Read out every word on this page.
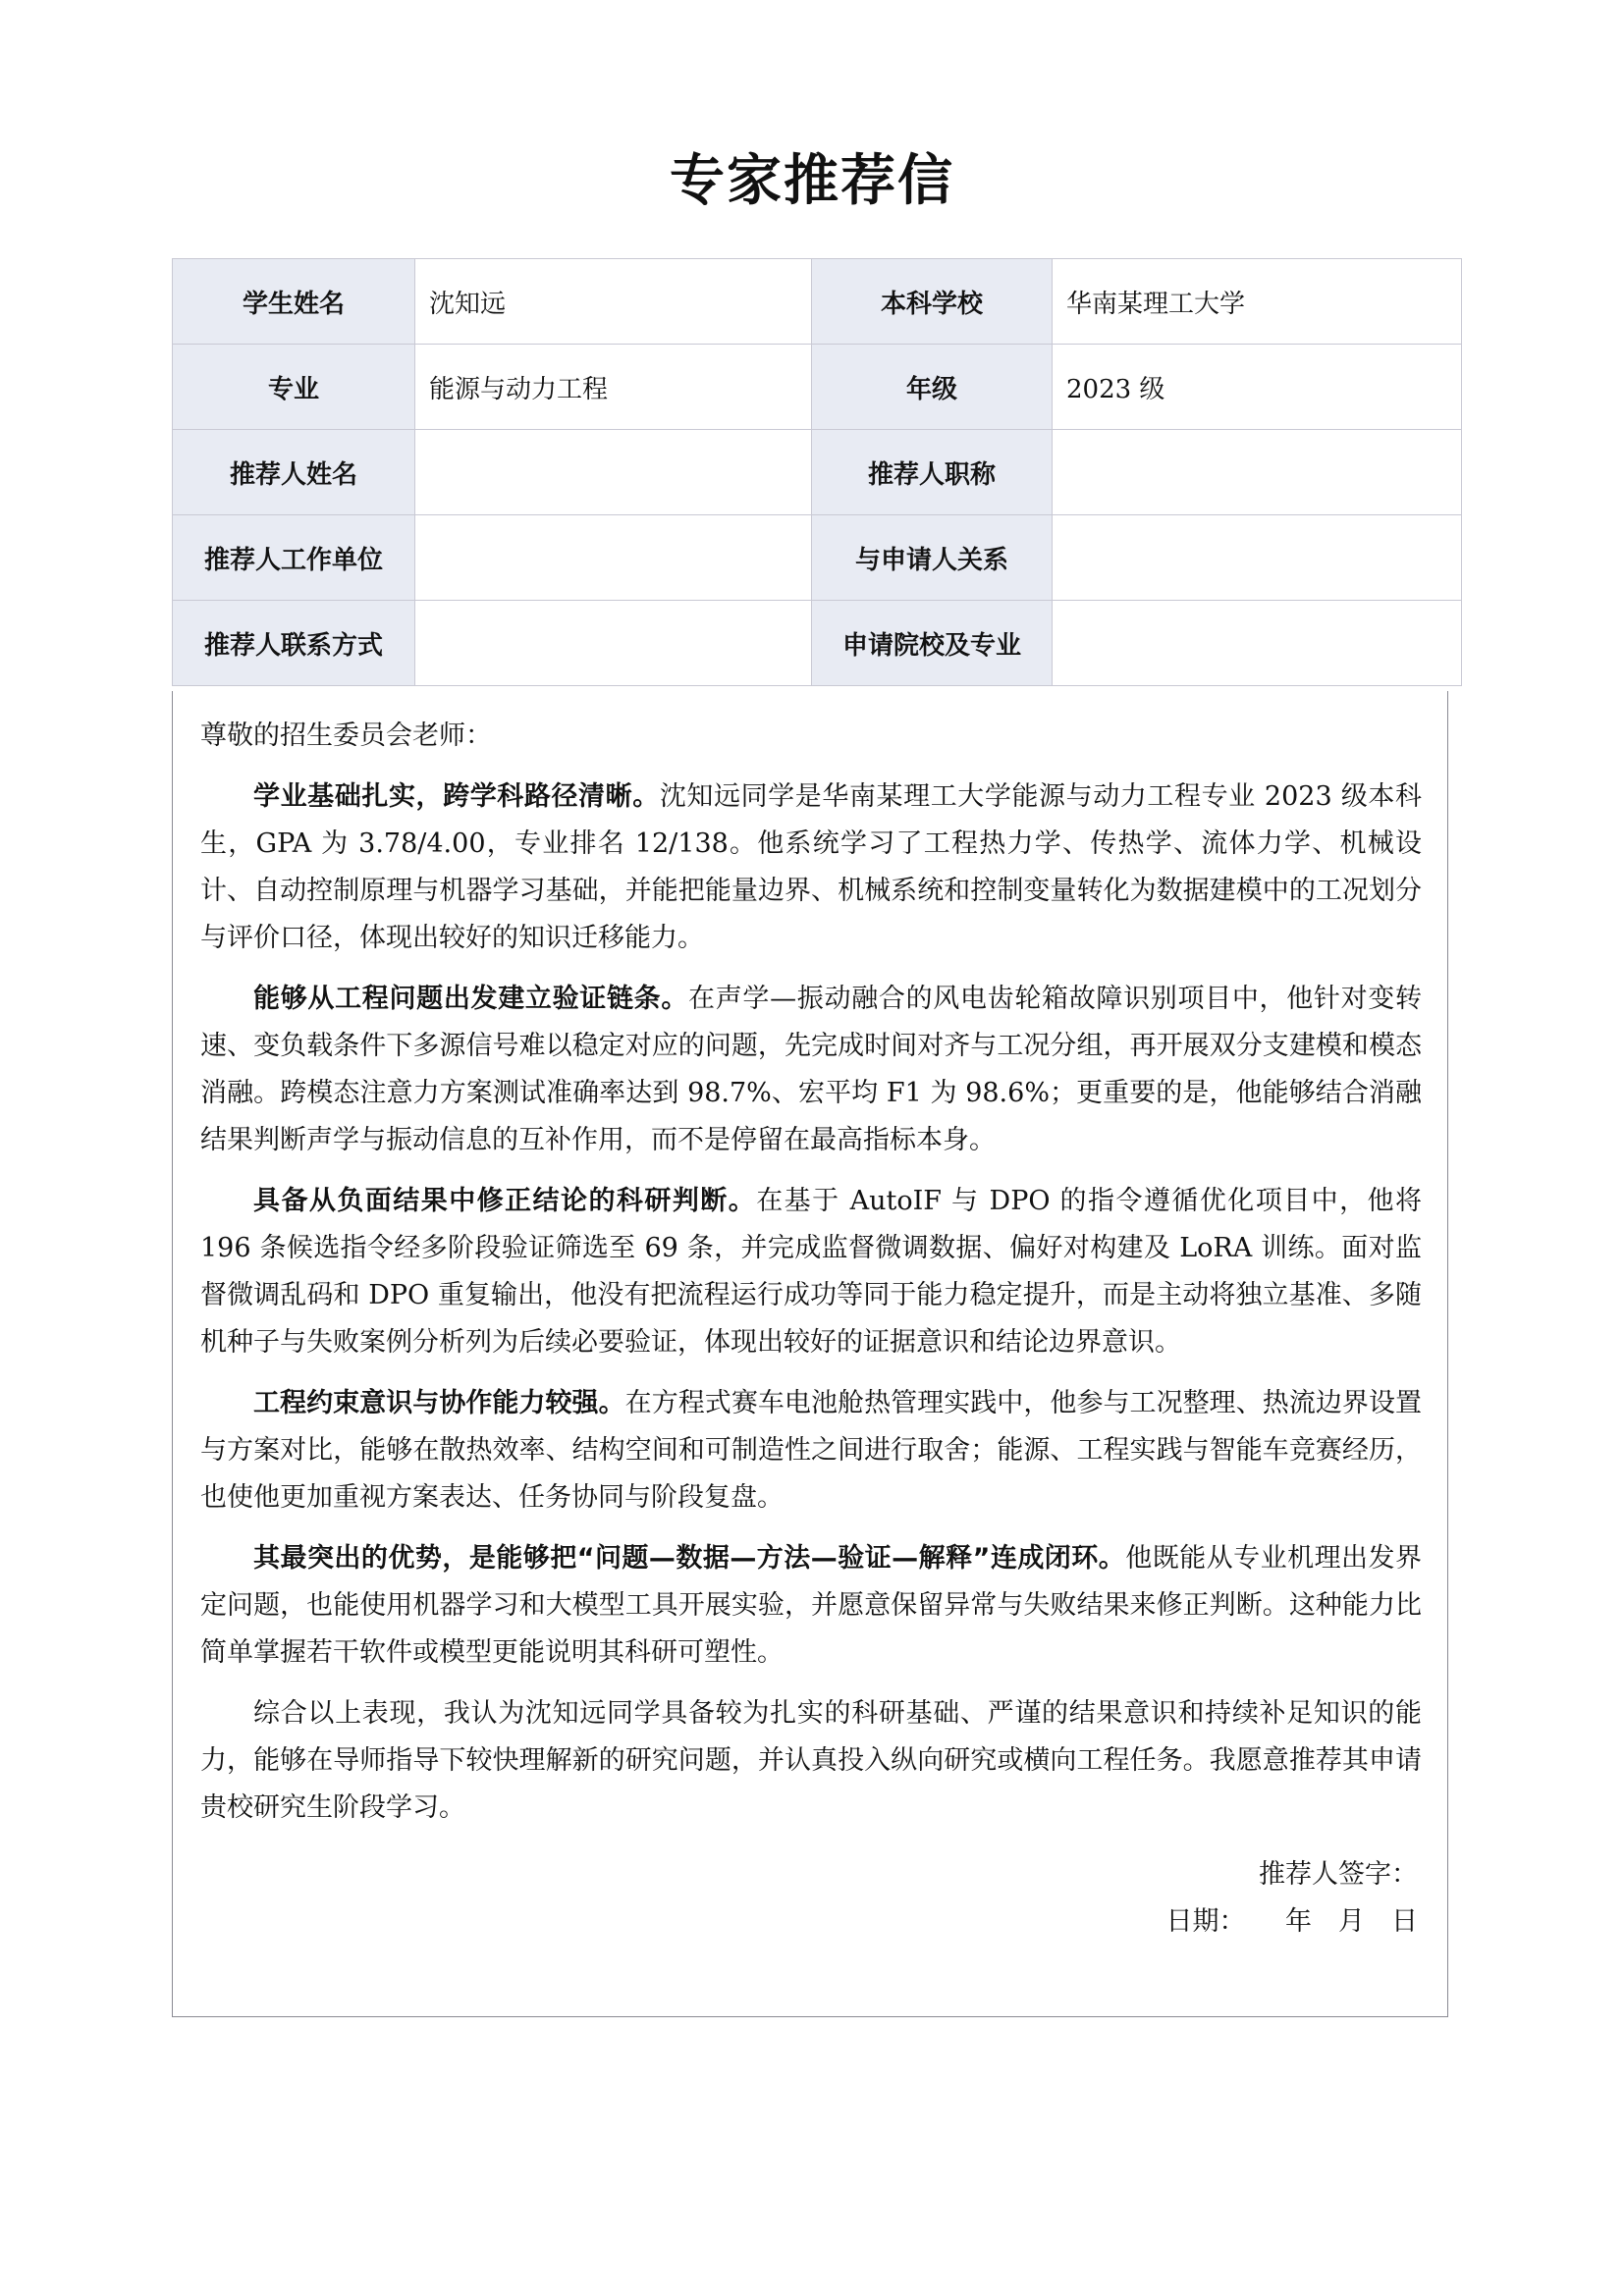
专家推荐信
学生姓名	沈知远	本科学校	华南某理工大学
专业	能源与动力工程	年级	2023 级
推荐人姓名		推荐人职称	
推荐人工作单位		与申请人关系	
推荐人联系方式		申请院校及专业	

尊敬的招生委员会老师：

学业基础扎实，跨学科路径清晰。沈知远同学是华南某理工大学能源与动力工程专业 2023 级本科生，GPA 为 3.78/4.00，专业排名 12/138。他系统学习了工程热力学、传热学、流体力学、机械设计、自动控制原理与机器学习基础，并能把能量边界、机械系统和控制变量转化为数据建模中的工况划分与评价口径，体现出较好的知识迁移能力。

能够从工程问题出发建立验证链条。在声学—振动融合的风电齿轮箱故障识别项目中，他针对变转速、变负载条件下多源信号难以稳定对应的问题，先完成时间对齐与工况分组，再开展双分支建模和模态消融。跨模态注意力方案测试准确率达到 98.7%、宏平均 F1 为 98.6%；更重要的是，他能够结合消融结果判断声学与振动信息的互补作用，而不是停留在最高指标本身。

具备从负面结果中修正结论的科研判断。在基于 AutoIF 与 DPO 的指令遵循优化项目中，他将 196 条候选指令经多阶段验证筛选至 69 条，并完成监督微调数据、偏好对构建及 LoRA 训练。面对监督微调乱码和 DPO 重复输出，他没有把流程运行成功等同于能力稳定提升，而是主动将独立基准、多随机种子与失败案例分析列为后续必要验证，体现出较好的证据意识和结论边界意识。

工程约束意识与协作能力较强。在方程式赛车电池舱热管理实践中，他参与工况整理、热流边界设置与方案对比，能够在散热效率、结构空间和可制造性之间进行取舍；能源、工程实践与智能车竞赛经历，也使他更加重视方案表达、任务协同与阶段复盘。

其最突出的优势，是能够把“问题—数据—方法—验证—解释”连成闭环。他既能从专业机理出发界定问题，也能使用机器学习和大模型工具开展实验，并愿意保留异常与失败结果来修正判断。这种能力比简单掌握若干软件或模型更能说明其科研可塑性。

综合以上表现，我认为沈知远同学具备较为扎实的科研基础、严谨的结果意识和持续补足知识的能力，能够在导师指导下较快理解新的研究问题，并认真投入纵向研究或横向工程任务。我愿意推荐其申请贵校研究生阶段学习。

推荐人签字：

日期：　　年　月　日
